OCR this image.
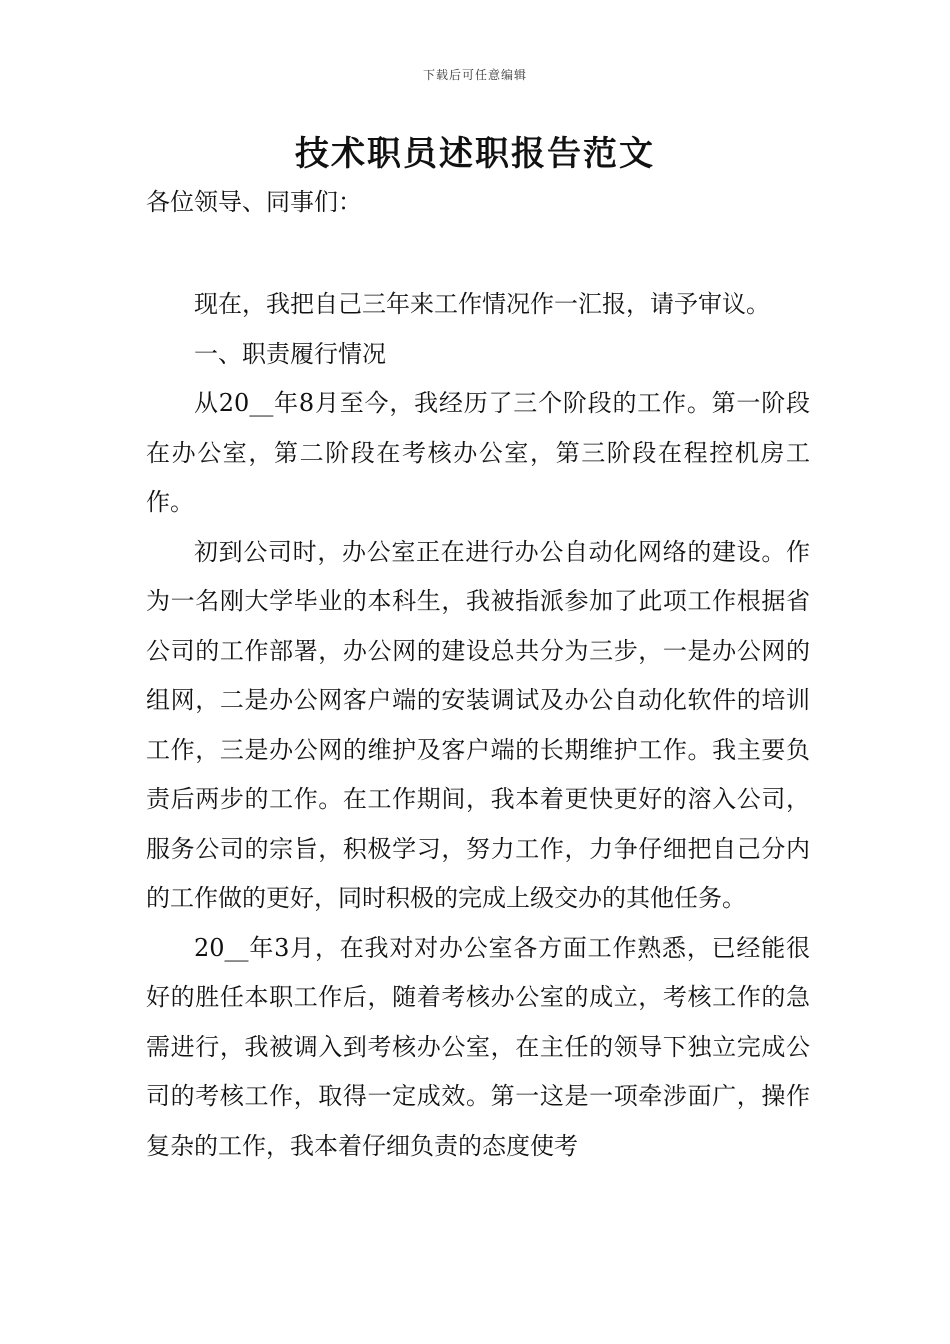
下载后可任意编辑
技术职员述职报告范文

各位领导、同事们：

现在，我把自己三年来工作情况作一汇报，请予审议。

一、职责履行情况

从20__年8月至今，我经历了三个阶段的工作。第一阶段在办公室，第二阶段在考核办公室，第三阶段在程控机房工作。

初到公司时，办公室正在进行办公自动化网络的建设。作为一名刚大学毕业的本科生，我被指派参加了此项工作根据省公司的工作部署，办公网的建设总共分为三步，一是办公网的组网，二是办公网客户端的安装调试及办公自动化软件的培训工作，三是办公网的维护及客户端的长期维护工作。我主要负责后两步的工作。在工作期间，我本着更快更好的溶入公司，服务公司的宗旨，积极学习，努力工作，力争仔细把自己分内的工作做的更好，同时积极的完成上级交办的其他任务。

20__年3月，在我对对办公室各方面工作熟悉，已经能很好的胜任本职工作后，随着考核办公室的成立，考核工作的急需进行，我被调入到考核办公室，在主任的领导下独立完成公司的考核工作，取得一定成效。第一这是一项牵涉面广，操作复杂的工作，我本着仔细负责的态度使考
